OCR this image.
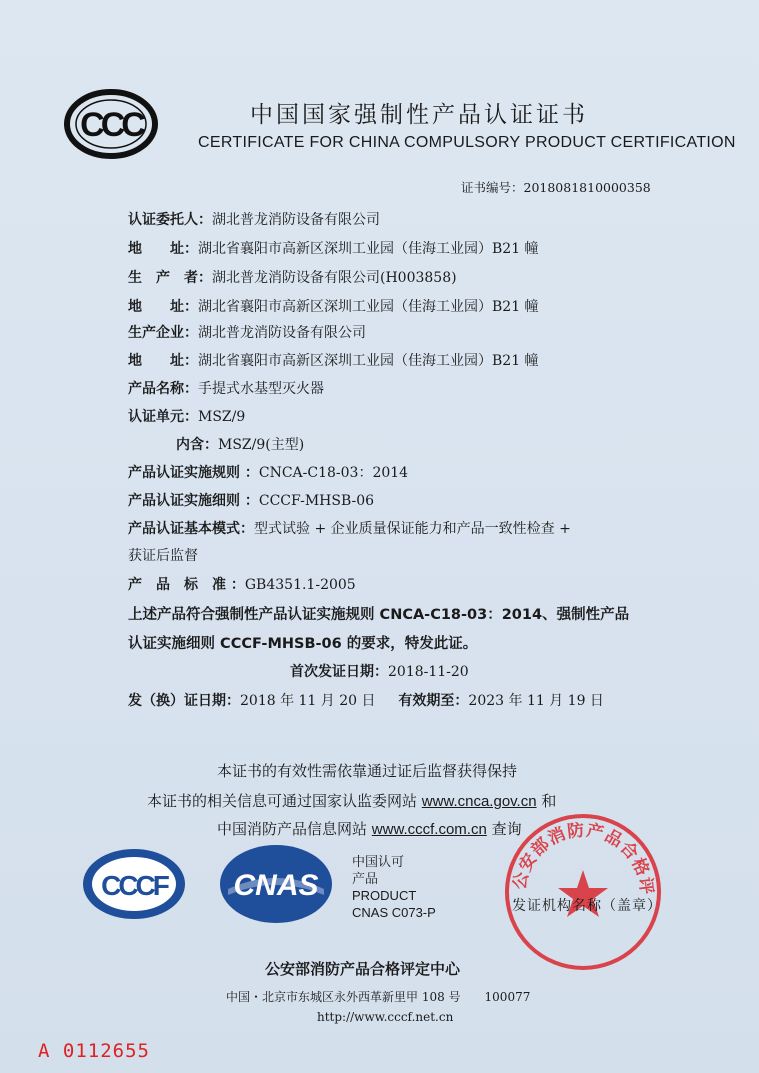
CCC	中国国家强制性产品认证证书
CERTIFICATE FOR CHINA COMPULSORY PRODUCT CERTIFICATION
证书编号：2018081810000358
认证委托人：湖北普龙消防设备有限公司
地　　址：湖北省襄阳市高新区深圳工业园（佳海工业园）B21 幢
生　产　者：湖北普龙消防设备有限公司(H003858)
地　　址：湖北省襄阳市高新区深圳工业园（佳海工业园）B21 幢
生产企业：湖北普龙消防设备有限公司
地　　址：湖北省襄阳市高新区深圳工业园（佳海工业园）B21 幢
产品名称：手提式水基型灭火器
认证单元：MSZ/9
内含：MSZ/9(主型)
产品认证实施规则 ：CNCA-C18-03：2014
产品认证实施细则 ：CCCF-MHSB-06
产品认证基本模式：型式试验 + 企业质量保证能力和产品一致性检查 +
获证后监督
产　品　标　准 ：GB4351.1-2005
上述产品符合强制性产品认证实施规则 CNCA-C18-03：2014、强制性产品
认证实施细则 CCCF-MHSB-06 的要求，特发此证。
首次发证日期：2018-11-20
发（换）证日期：2018 年 11 月 20 日 有效期至：2023 年 11 月 19 日
本证书的有效性需依靠通过证后监督获得保持
本证书的相关信息可通过国家认监委网站 www.cnca.gov.cn 和
中国消防产品信息网站 www.cccf.com.cn 查询
CCCF CNAS
中国认可
产品
PRODUCT
CNAS C073-P
公安部消防产品合格评
发证机构名称（盖章）
公安部消防产品合格评定中心
中国・北京市东城区永外西革新里甲 108 号　　100077
http://www.cccf.net.cn
A 0112655
